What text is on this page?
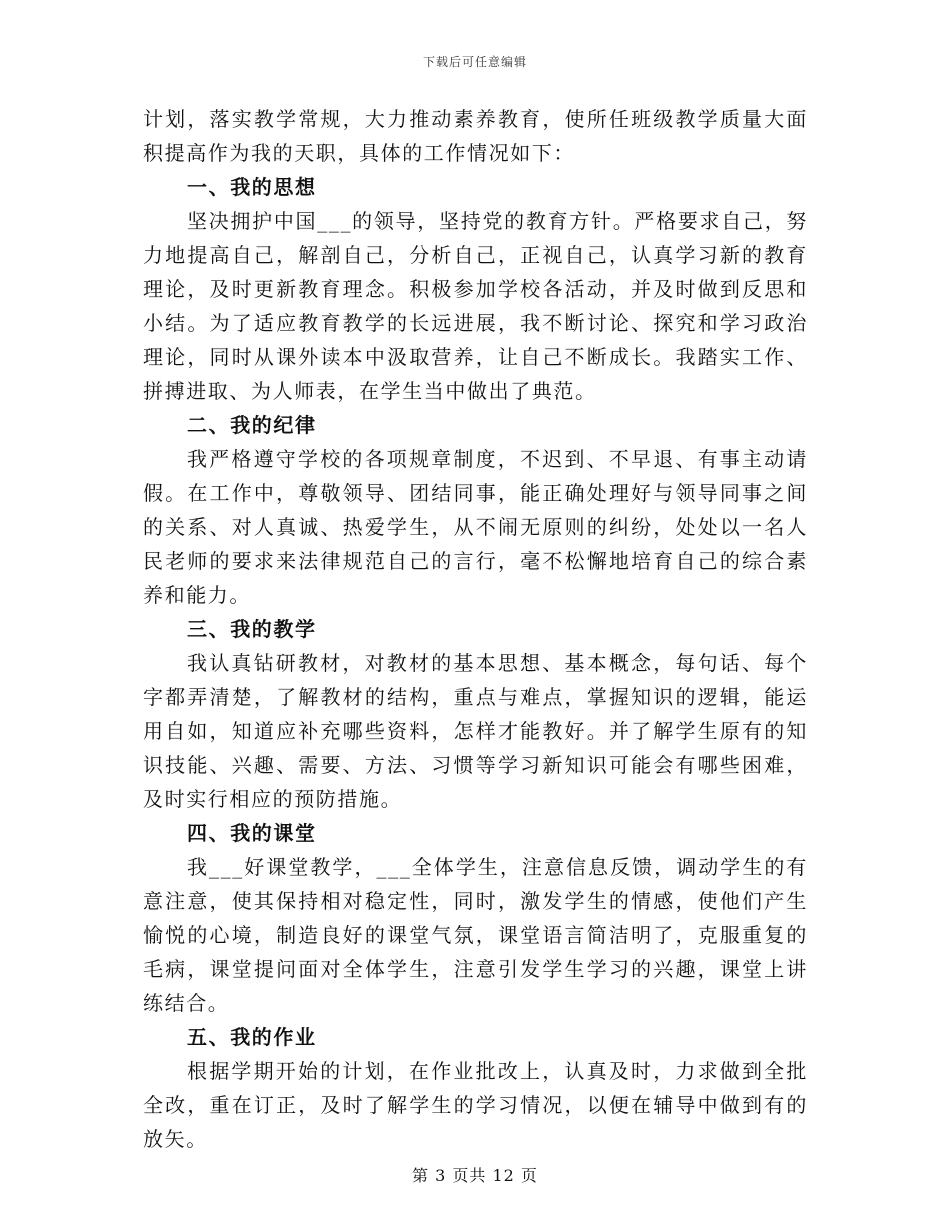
下载后可任意编辑

计划，落实教学常规，大力推动素养教育，使所任班级教学质量大面积提高作为我的天职，具体的工作情况如下：

一、我的思想

坚决拥护中国___的领导，坚持党的教育方针。严格要求自己，努力地提高自己，解剖自己，分析自己，正视自己，认真学习新的教育理论，及时更新教育理念。积极参加学校各活动，并及时做到反思和小结。为了适应教育教学的长远进展，我不断讨论、探究和学习政治理论，同时从课外读本中汲取营养，让自己不断成长。我踏实工作、拼搏进取、为人师表，在学生当中做出了典范。

二、我的纪律

我严格遵守学校的各项规章制度，不迟到、不早退、有事主动请假。在工作中，尊敬领导、团结同事，能正确处理好与领导同事之间的关系、对人真诚、热爱学生，从不闹无原则的纠纷，处处以一名人民老师的要求来法律规范自己的言行，毫不松懈地培育自己的综合素养和能力。

三、我的教学

我认真钻研教材，对教材的基本思想、基本概念，每句话、每个字都弄清楚，了解教材的结构，重点与难点，掌握知识的逻辑，能运用自如，知道应补充哪些资料，怎样才能教好。并了解学生原有的知识技能、兴趣、需要、方法、习惯等学习新知识可能会有哪些困难，及时实行相应的预防措施。

四、我的课堂

我___好课堂教学，___全体学生，注意信息反馈，调动学生的有意注意，使其保持相对稳定性，同时，激发学生的情感，使他们产生愉悦的心境，制造良好的课堂气氛，课堂语言简洁明了，克服重复的毛病，课堂提问面对全体学生，注意引发学生学习的兴趣，课堂上讲练结合。

五、我的作业

根据学期开始的计划，在作业批改上，认真及时，力求做到全批全改，重在订正，及时了解学生的学习情况，以便在辅导中做到有的放矢。

第 3 页共 12 页
